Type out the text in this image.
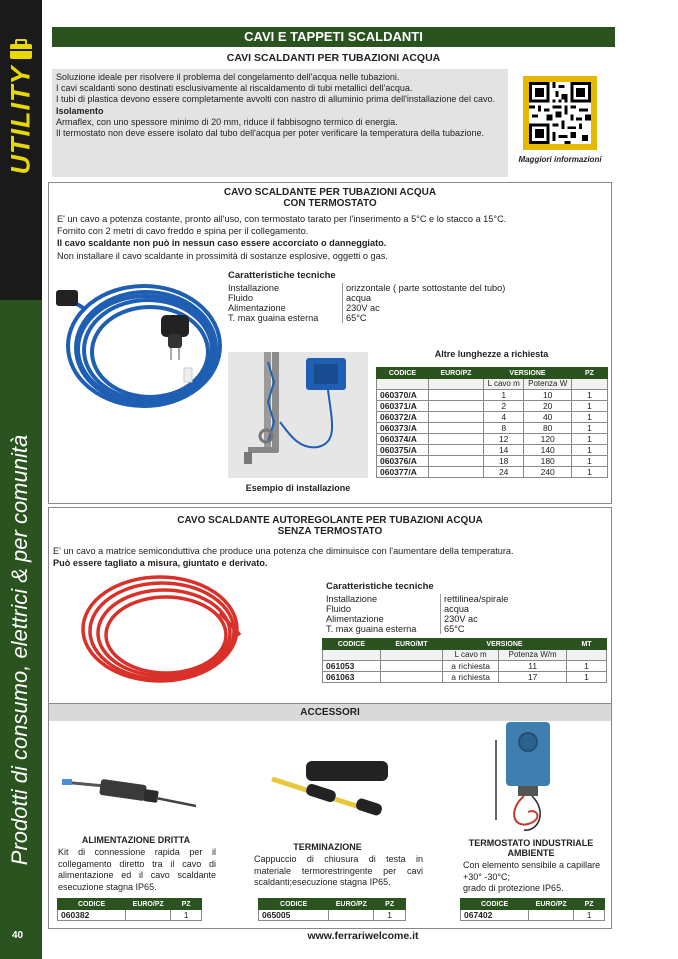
UTILITY
Prodotti di consumo, elettrici & per comunità
40
CAVI E TAPPETI SCALDANTI
CAVI SCALDANTI PER TUBAZIONI ACQUA
Soluzione ideale per risolvere il problema del congelamento dell'acqua nelle tubazioni.
I cavi scaldanti sono destinati esclusivamente al riscaldamento di tubi metallici dell'acqua.
I tubi di plastica devono essere completamente avvolti con nastro di alluminio prima dell'installazione del cavo.
Isolamento
Armaflex, con uno spessore minimo di 20 mm, riduce il fabbisogno termico di energia.
Il termostato non deve essere isolato dal tubo dell'acqua per poter verificare la temperatura della tubazione.
Maggiori informazioni
CAVO SCALDANTE PER TUBAZIONI ACQUA
CON TERMOSTATO
E' un cavo a potenza costante, pronto all'uso, con termostato tarato per l'inserimento a 5°C e lo stacco a 15°C.
Fornito con 2 metri di cavo freddo e spina per il collegamento.
Il cavo scaldante non può in nessun caso essere accorciato o danneggiato.
Non installare il cavo scaldante in prossimità di sostanze esplosive, oggetti o gas.
Esempio di installazione
Caratteristiche tecniche
Installazione	orizzontale ( parte sottostante del tubo)
Fluido	acqua
Alimentazione	230V ac
T. max guaina esterna	65°C
Altre lunghezze a richiesta
CODICE	EURO/PZ	VERSIONE		PZ
		L cavo m	Potenza W	
060370/A		1	10	1
060371/A		2	20	1
060372/A		4	40	1
060373/A		8	80	1
060374/A		12	120	1
060375/A		14	140	1
060376/A		18	180	1
060377/A		24	240	1
CAVO SCALDANTE AUTOREGOLANTE PER TUBAZIONI ACQUA
SENZA TERMOSTATO
E' un cavo a matrice semiconduttiva che produce una potenza che diminuisce con l'aumentare della temperatura.
Può essere tagliato a misura, giuntato e derivato.
Caratteristiche tecniche
Installazione	rettilinea/spirale
Fluido	acqua
Alimentazione	230V ac
T. max guaina esterna	65°C
CODICE	EURO/MT	VERSIONE		MT
		L cavo m	Potenza W/m	
061053		a richiesta	11	1
061063		a richiesta	17	1
ACCESSORI
ALIMENTAZIONE DRITTA
Kit di connessione rapida per il collegamento diretto tra il cavo di alimentazione ed il cavo scaldante esecuzione stagna IP65.
CODICE	EURO/PZ	PZ
060382		1
TERMINAZIONE
Cappuccio di chiusura di testa in materiale termorestringente per cavi scaldanti;esecuzione stagna IP65.
CODICE	EURO/PZ	PZ
065005		1
TERMOSTATO INDUSTRIALE
AMBIENTE
Con elemento sensibile a capillare +30° -30°C;
grado di protezione IP65.
CODICE	EURO/PZ	PZ
067402		1
www.ferrariwelcome.it
